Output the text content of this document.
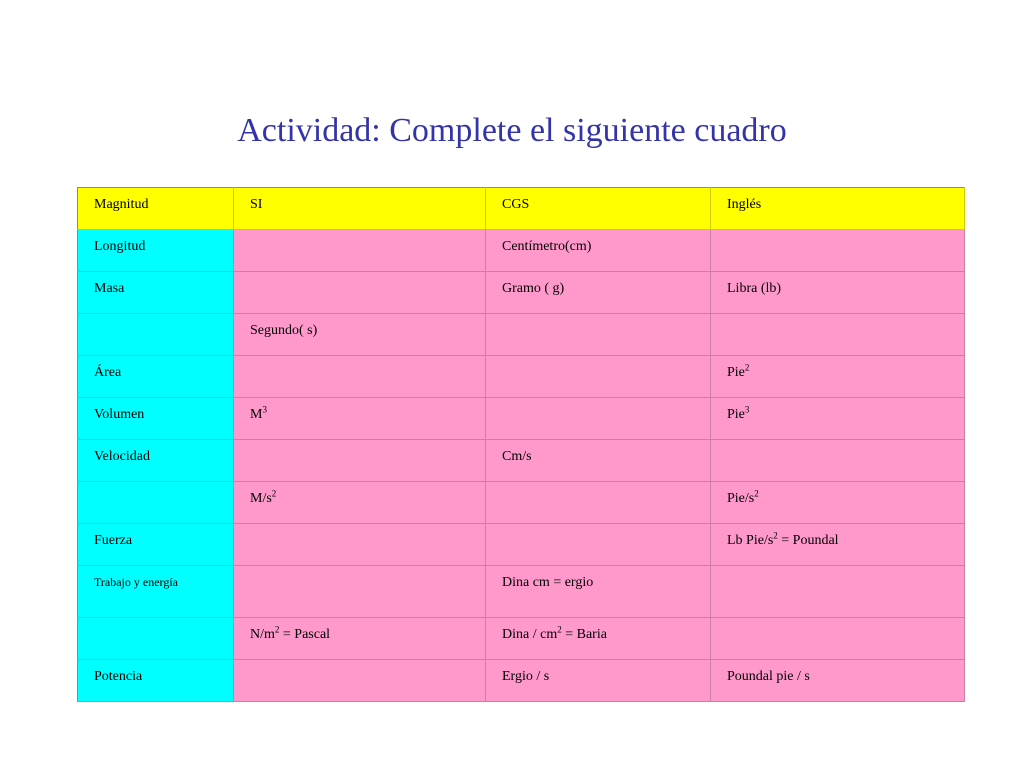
Actividad: Complete el siguiente cuadro
Magnitud	SI	CGS	Inglés
Longitud		Centímetro(cm)	
Masa		Gramo ( g)	Libra (lb)
	Segundo( s)		
Área			Pie$^2$
Volumen	$M^3$		Pie$^3$
Velocidad		Cm/s	
	$M/s^2$		Pie/$s^2$
Fuerza			Lb Pie/$s^2$ = Poundal
Trabajo y energía		Dina cm = ergio	
	$N/m^2$ = Pascal	Dina / $cm^2$ = Baria	
Potencia		Ergio / s	Poundal pie / s
